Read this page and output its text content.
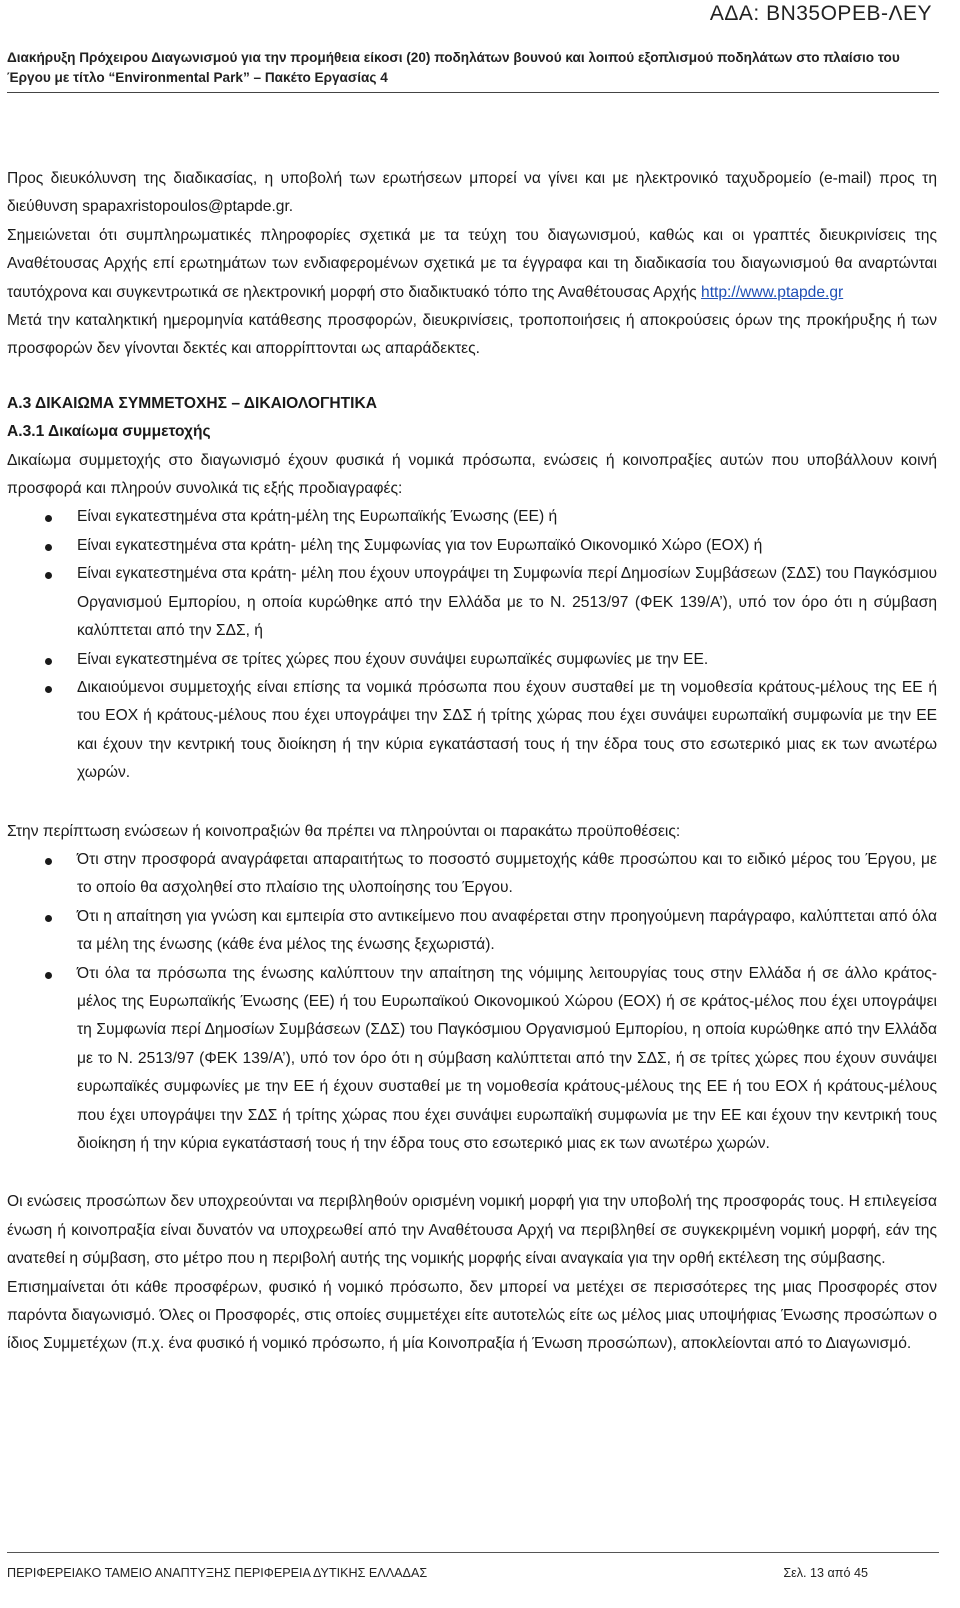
ΑΔΑ: ΒΝ35ΟΡΕΒ-ΛΕΥ
Διακήρυξη Πρόχειρου Διαγωνισμού για την προμήθεια είκοσι (20) ποδηλάτων βουνού και λοιπού εξοπλισμού ποδηλάτων στο πλαίσιο του Έργου με τίτλο “Environmental Park” – Πακέτο Εργασίας 4

Προς διευκόλυνση της διαδικασίας, η υποβολή των ερωτήσεων μπορεί να γίνει και με ηλεκτρονικό ταχυδρομείο (e-mail) προς τη διεύθυνση spapaxristopoulos@ptapde.gr.

Σημειώνεται ότι συμπληρωματικές πληροφορίες σχετικά με τα τεύχη του διαγωνισμού, καθώς και οι γραπτές διευκρινίσεις της Αναθέτουσας Αρχής επί ερωτημάτων των ενδιαφερομένων σχετικά με τα έγγραφα και τη διαδικασία του διαγωνισμού θα αναρτώνται ταυτόχρονα και συγκεντρωτικά σε ηλεκτρονική μορφή στο διαδικτυακό τόπο της Αναθέτουσας Αρχής http://www.ptapde.gr

Μετά την καταληκτική ημερομηνία κατάθεσης προσφορών, διευκρινίσεις, τροποποιήσεις ή αποκρούσεις όρων της προκήρυξης ή των προσφορών δεν γίνονται δεκτές και απορρίπτονται ως απαράδεκτες.

Α.3 ΔΙΚΑΙΩΜΑ ΣΥΜΜΕΤΟΧΗΣ – ΔΙΚΑΙΟΛΟΓΗΤΙΚΑ

Α.3.1 Δικαίωμα συμμετοχής

Δικαίωμα συμμετοχής στο διαγωνισμό έχουν φυσικά ή νομικά πρόσωπα, ενώσεις ή κοινοπραξίες αυτών που υποβάλλουν κοινή προσφορά και πληρούν συνολικά τις εξής προδιαγραφές:

Είναι εγκατεστημένα στα κράτη-μέλη της Ευρωπαϊκής Ένωσης (ΕΕ) ή
Είναι εγκατεστημένα στα κράτη- μέλη της Συμφωνίας για τον Ευρωπαϊκό Οικονομικό Χώρο (ΕΟΧ) ή
Είναι εγκατεστημένα στα κράτη- μέλη που έχουν υπογράψει τη Συμφωνία περί Δημοσίων Συμβάσεων (ΣΔΣ) του Παγκόσμιου Οργανισμού Εμπορίου, η οποία κυρώθηκε από την Ελλάδα με το Ν. 2513/97 (ΦΕΚ 139/Α’), υπό τον όρο ότι η σύμβαση καλύπτεται από την ΣΔΣ, ή
Είναι εγκατεστημένα σε τρίτες χώρες που έχουν συνάψει ευρωπαϊκές συμφωνίες με την ΕΕ.
Δικαιούμενοι συμμετοχής είναι επίσης τα νομικά πρόσωπα που έχουν συσταθεί με τη νομοθεσία κράτους-μέλους της ΕΕ ή του ΕΟΧ ή κράτους-μέλους που έχει υπογράψει την ΣΔΣ ή τρίτης χώρας που έχει συνάψει ευρωπαϊκή συμφωνία με την ΕΕ και έχουν την κεντρική τους διοίκηση ή την κύρια εγκατάστασή τους ή την έδρα τους στο εσωτερικό μιας εκ των ανωτέρω χωρών.

Στην περίπτωση ενώσεων ή κοινοπραξιών θα πρέπει να πληρούνται οι παρακάτω προϋποθέσεις:

Ότι στην προσφορά αναγράφεται απαραιτήτως το ποσοστό συμμετοχής κάθε προσώπου και το ειδικό μέρος του Έργου, με το οποίο θα ασχοληθεί στο πλαίσιο της υλοποίησης του Έργου.
Ότι η απαίτηση για γνώση και εμπειρία στο αντικείμενο που αναφέρεται στην προηγούμενη παράγραφο, καλύπτεται από όλα τα μέλη της ένωσης (κάθε ένα μέλος της ένωσης ξεχωριστά).
Ότι όλα τα πρόσωπα της ένωσης καλύπτουν την απαίτηση της νόμιμης λειτουργίας τους στην Ελλάδα ή σε άλλο κράτος-μέλος της Ευρωπαϊκής Ένωσης (ΕΕ) ή του Ευρωπαϊκού Οικονομικού Χώρου (ΕΟΧ) ή σε κράτος-μέλος που έχει υπογράψει τη Συμφωνία περί Δημοσίων Συμβάσεων (ΣΔΣ) του Παγκόσμιου Οργανισμού Εμπορίου, η οποία κυρώθηκε από την Ελλάδα με το Ν. 2513/97 (ΦΕΚ 139/Α’), υπό τον όρο ότι η σύμβαση καλύπτεται από την ΣΔΣ, ή σε τρίτες χώρες που έχουν συνάψει ευρωπαϊκές συμφωνίες με την ΕΕ ή έχουν συσταθεί με τη νομοθεσία κράτους-μέλους της ΕΕ ή του ΕΟΧ ή κράτους-μέλους που έχει υπογράψει την ΣΔΣ ή τρίτης χώρας που έχει συνάψει ευρωπαϊκή συμφωνία με την ΕΕ και έχουν την κεντρική τους διοίκηση ή την κύρια εγκατάστασή τους ή την έδρα τους στο εσωτερικό μιας εκ των ανωτέρω χωρών.

Οι ενώσεις προσώπων δεν υποχρεούνται να περιβληθούν ορισμένη νομική μορφή για την υποβολή της προσφοράς τους. Η επιλεγείσα ένωση ή κοινοπραξία είναι δυνατόν να υποχρεωθεί από την Αναθέτουσα Αρχή να περιβληθεί σε συγκεκριμένη νομική μορφή, εάν της ανατεθεί η σύμβαση, στο μέτρο που η περιβολή αυτής της νομικής μορφής είναι αναγκαία για την ορθή εκτέλεση της σύμβασης.

Επισημαίνεται ότι κάθε προσφέρων, φυσικό ή νομικό πρόσωπο, δεν μπορεί να μετέχει σε περισσότερες της μιας Προσφορές στον παρόντα διαγωνισμό. Όλες οι Προσφορές, στις οποίες συμμετέχει είτε αυτοτελώς είτε ως μέλος μιας υποψήφιας Ένωσης προσώπων ο ίδιος Συμμετέχων (π.χ. ένα φυσικό ή νομικό πρόσωπο, ή μία Κοινοπραξία ή Ένωση προσώπων), αποκλείονται από το Διαγωνισμό.

ΠΕΡΙΦΕΡΕΙΑΚΟ ΤΑΜΕΙΟ ΑΝΑΠΤΥΞΗΣ ΠΕΡΙΦΕΡΕΙΑ ΔΥΤΙΚΗΣ ΕΛΛΑΔΑΣ	Σελ. 13 από 45
